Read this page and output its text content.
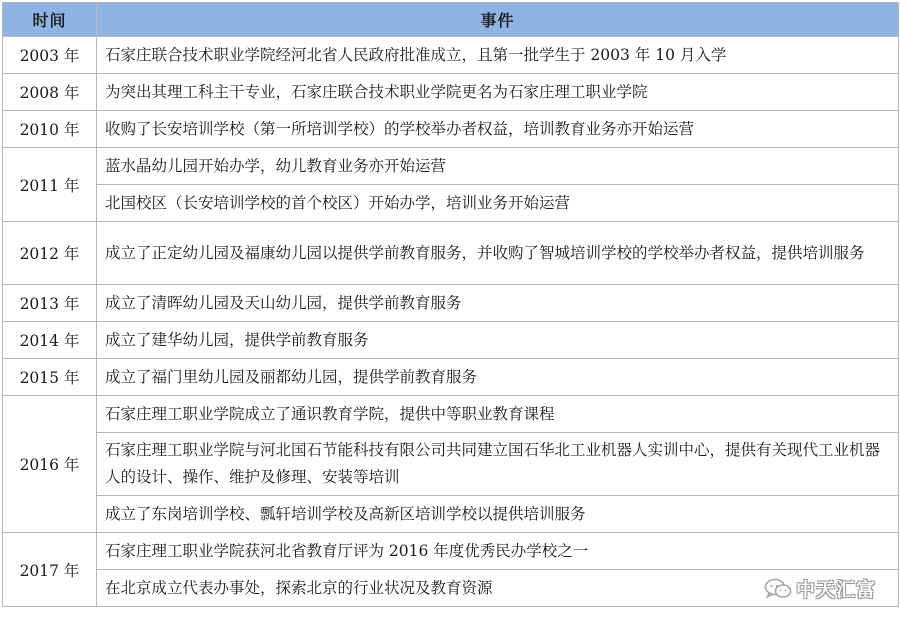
时间	事件
2003 年	石家庄联合技术职业学院经河北省人民政府批准成立，且第一批学生于 2003 年 10 月入学
2008 年	为突出其理工科主干专业，石家庄联合技术职业学院更名为石家庄理工职业学院
2010 年	收购了长安培训学校（第一所培训学校）的学校举办者权益，培训教育业务亦开始运营
2011 年	蓝水晶幼儿园开始办学，幼儿教育业务亦开始运营
	北国校区（长安培训学校的首个校区）开始办学，培训业务开始运营
2012 年	成立了正定幼儿园及福康幼儿园以提供学前教育服务，并收购了智城培训学校的学校举办者权益，提供培训服务
2013 年	成立了清晖幼儿园及天山幼儿园，提供学前教育服务
2014 年	成立了建华幼儿园，提供学前教育服务
2015 年	成立了福门里幼儿园及丽都幼儿园，提供学前教育服务
2016 年	石家庄理工职业学院成立了通识教育学院，提供中等职业教育课程
	石家庄理工职业学院与河北国石节能科技有限公司共同建立国石华北工业机器人实训中心，提供有关现代工业机器人的设计、操作、维护及修理、安装等培训
	成立了东岗培训学校、瓢轩培训学校及高新区培训学校以提供培训服务
2017 年	石家庄理工职业学院获河北省教育厅评为 2016 年度优秀民办学校之一
	在北京成立代表办事处，探索北京的行业状况及教育资源	中天汇富
